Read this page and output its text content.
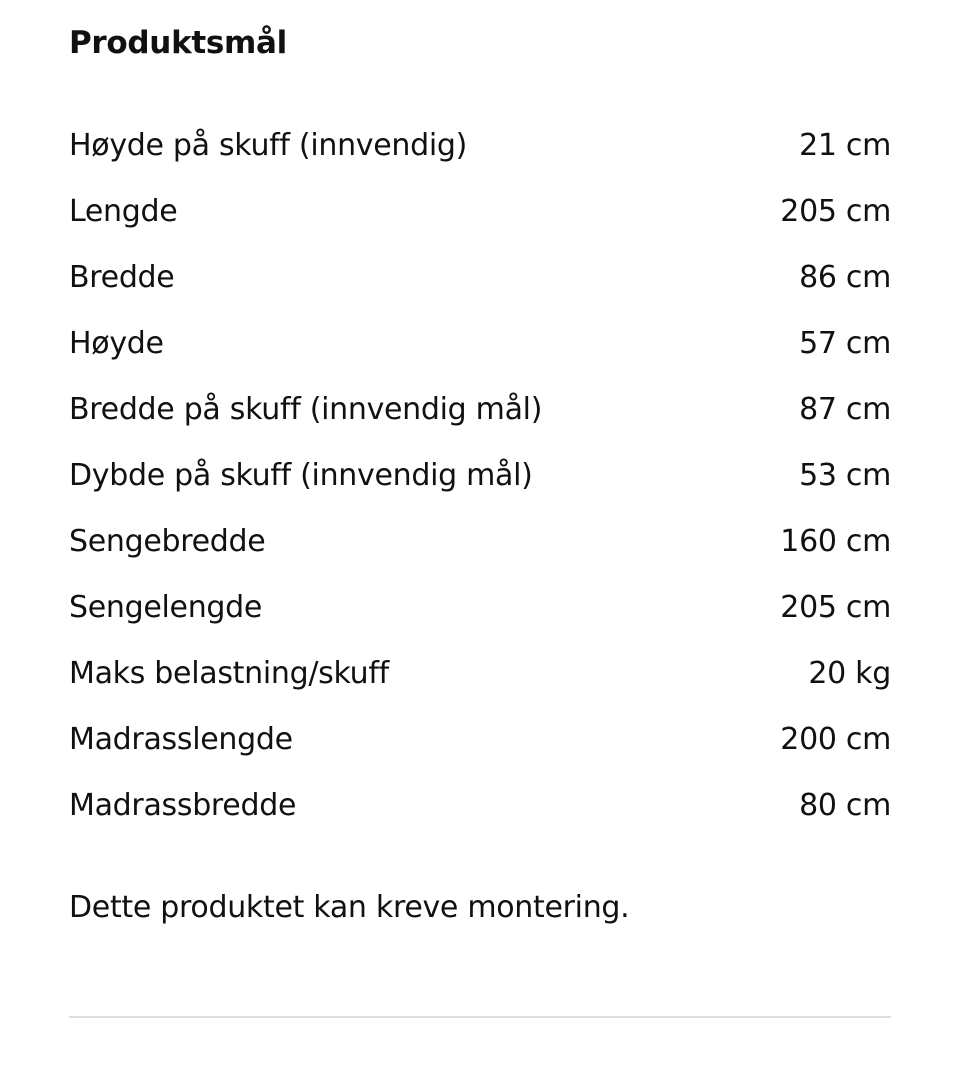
Produktsmål
Høyde på skuff (innvendig)	21 cm
Lengde	205 cm
Bredde	86 cm
Høyde	57 cm
Bredde på skuff (innvendig mål)	87 cm
Dybde på skuff (innvendig mål)	53 cm
Sengebredde	160 cm
Sengelengde	205 cm
Maks belastning/skuff	20 kg
Madrasslengde	200 cm
Madrassbredde	80 cm

Dette produktet kan kreve montering.
